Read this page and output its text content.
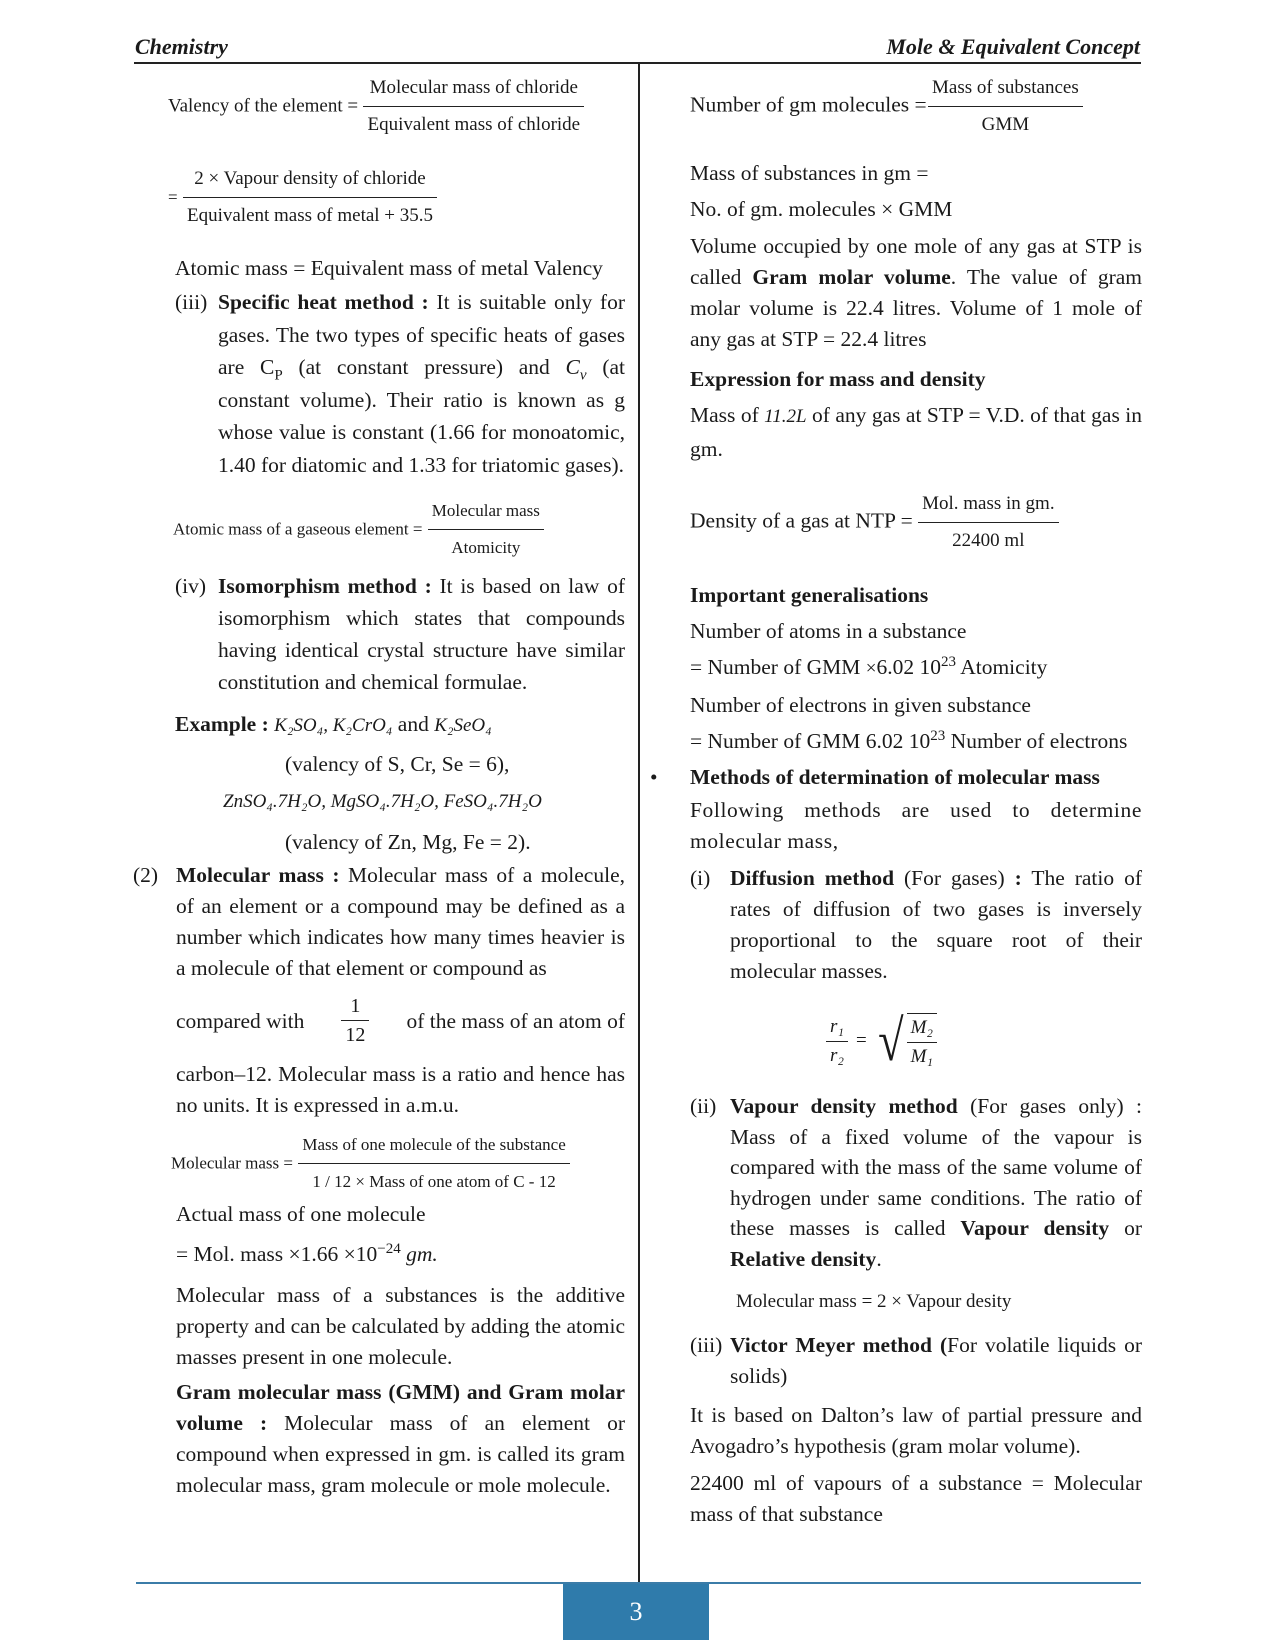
Chemistry	Mole & Equivalent Concept

Valency of the element = $\frac{\text{Molecular mass of chloride}}{\text{Equivalent mass of chloride}}$

= $\frac{\text{2 × Vapour density of chloride}}{\text{Equivalent mass of metal + 35.5}}$

Atomic mass = Equivalent mass of metal Valency

(iii) Specific heat method : It is suitable only for gases. The two types of specific heats of gases are $C_P$ (at constant pressure) and $C_v$ (at constant volume). Their ratio is known as g whose value is constant (1.66 for monoatomic, 1.40 for diatomic and 1.33 for triatomic gases).

Atomic mass of a gaseous element = $\frac{\text{Molecular mass}}{\text{Atomicity}}$

(iv) Isomorphism method : It is based on law of isomorphism which states that compounds having identical crystal structure have similar constitution and chemical formulae.

Example : K₂SO₄, K₂CrO₄ and K₂SeO₄

(valency of S, Cr, Se = 6),

ZnSO₄.7H₂O, MgSO₄.7H₂O, FeSO₄.7H₂O

(valency of Zn, Mg, Fe = 2).

(2) Molecular mass : Molecular mass of a molecule, of an element or a compound may be defined as a number which indicates how many times heavier is a molecule of that element or compound as

compared with $\frac{1}{12}$ of the mass of an atom of

carbon–12. Molecular mass is a ratio and hence has no units. It is expressed in a.m.u.

Molecular mass = $\frac{\text{Mass of one molecule of the substance}}{\text{1 / 12 × Mass of one atom of C - 12}}$

Actual mass of one molecule

= Mol. mass $\times 1.66 \times 10^{-24}$ gm.

Molecular mass of a substances is the additive property and can be calculated by adding the atomic masses present in one molecule.

Gram molecular mass (GMM) and Gram molar volume : Molecular mass of an element or compound when expressed in gm. is called its gram molecular mass, gram molecule or mole molecule.

Number of gm molecules = $\frac{\text{Mass of substances}}{\text{GMM}}$

Mass of substances in gm =

No. of gm. molecules × GMM

Volume occupied by one mole of any gas at STP is called Gram molar volume. The value of gram molar volume is 22.4 litres. Volume of 1 mole of any gas at STP = 22.4 litres

Expression for mass and density

Mass of 11.2L of any gas at STP = V.D. of that gas in gm.

Density of a gas at NTP = $\frac{\text{Mol. mass in gm.}}{22400 ml}$

Important generalisations

Number of atoms in a substance

= Number of GMM ×6.02 $10^{23}$ Atomicity

Number of electrons in given substance

= Number of GMM 6.02 $10^{23}$ Number of electrons

• Methods of determination of molecular mass

Following methods are used to determine molecular mass,

(i) Diffusion method (For gases) : The ratio of rates of diffusion of two gases is inversely proportional to the square root of their molecular masses.
$\frac{\text{r₁}}{\text{r₂}}$ = √ $\frac{\text{M₂}}{\text{M₁}}$
(ii) Vapour density method (For gases only) : Mass of a fixed volume of the vapour is compared with the mass of the same volume of hydrogen under same conditions. The ratio of these masses is called Vapour density or Relative density.

Molecular mass = 2 × Vapour desity

(iii) Victor Meyer method (For volatile liquids or solids)

It is based on Dalton’s law of partial pressure and Avogadro’s hypothesis (gram molar volume).

22400 ml of vapours of a substance = Molecular mass of that substance

3
